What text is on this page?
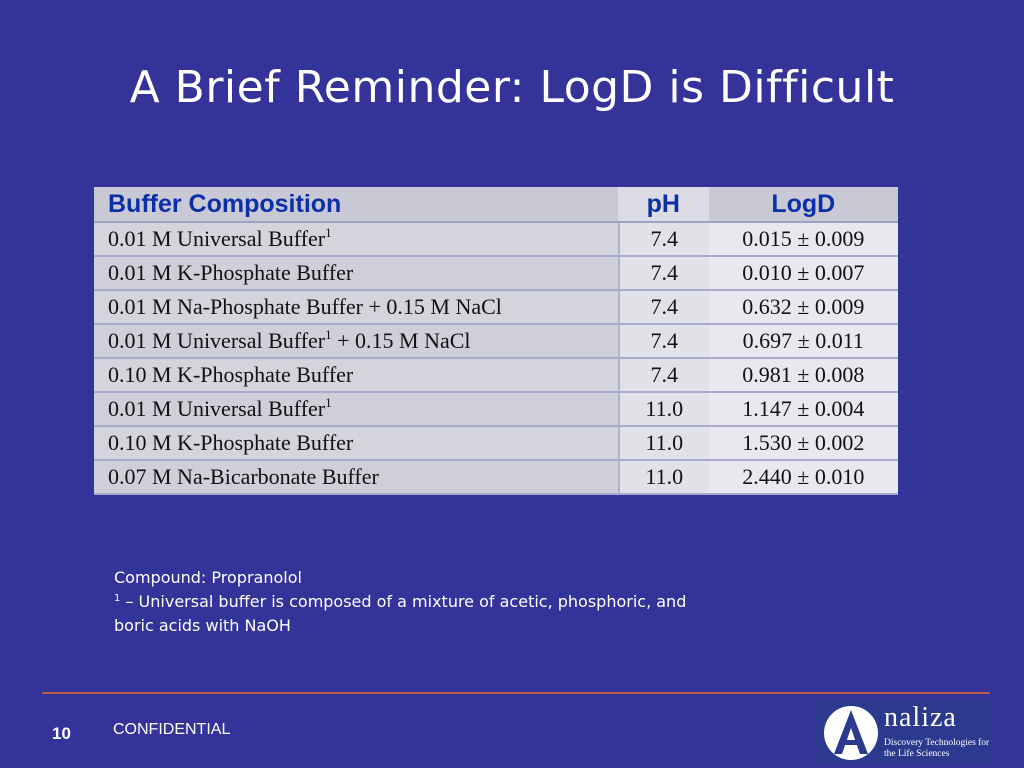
A Brief Reminder: LogD is Difficult
Buffer Composition	pH	LogD
0.01 M Universal Buffer$^1$	7.4	0.015 ± 0.009
0.01 M K-Phosphate Buffer	7.4	0.010 ± 0.007
0.01 M Na-Phosphate Buffer + 0.15 M NaCl	7.4	0.632 ± 0.009
0.01 M Universal Buffer$^1$ + 0.15 M NaCl	7.4	0.697 ± 0.011
0.10 M K-Phosphate Buffer	7.4	0.981 ± 0.008
0.01 M Universal Buffer$^1$	11.0	1.147 ± 0.004
0.10 M K-Phosphate Buffer	11.0	1.530 ± 0.002
0.07 M Na-Bicarbonate Buffer	11.0	2.440 ± 0.010

Compound: Propranolol

$^1$ – Universal buffer is composed of a mixture of acetic, phosphoric, and boric acids with NaOH

10	CONFIDENTIAL	naliza
Discovery Technologies for the Life Sciences
